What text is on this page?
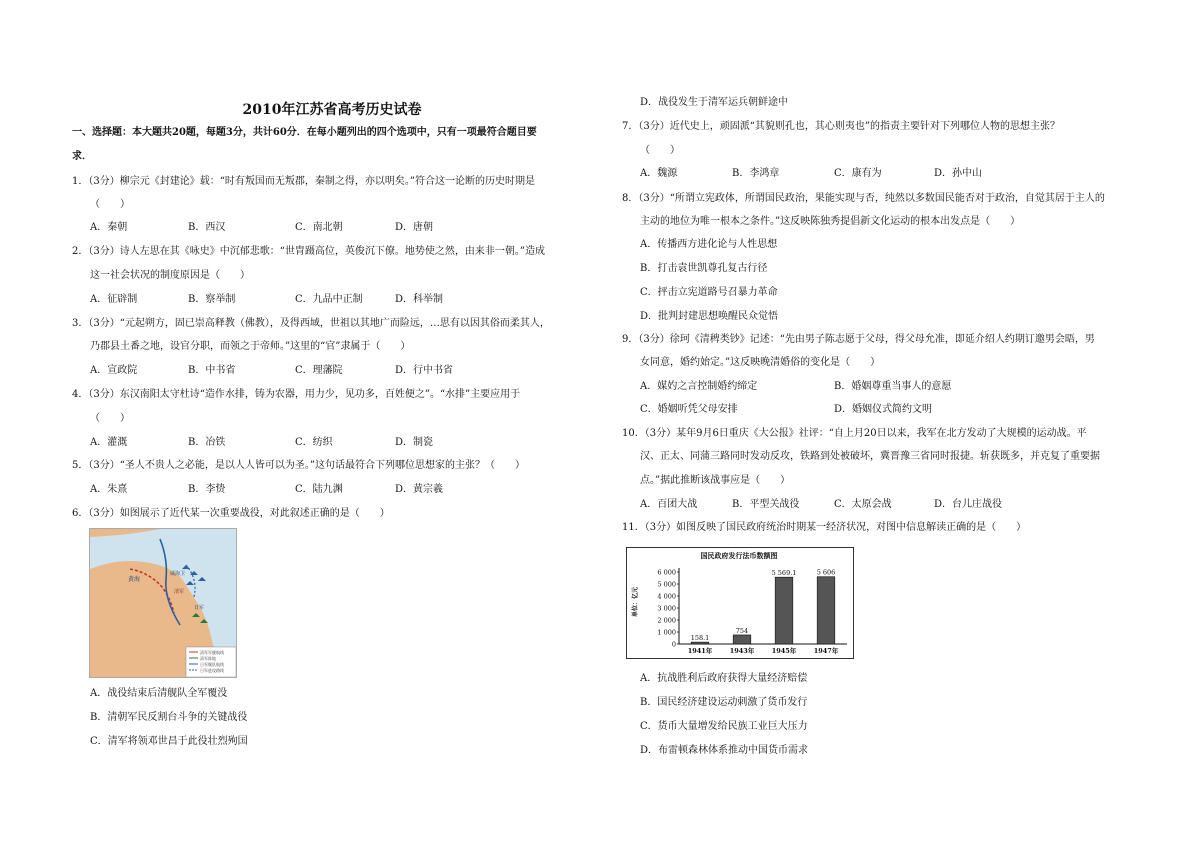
2010年江苏省高考历史试卷
一、选择题：本大题共20题，每题3分，共计60分．在每小题列出的四个选项中，只有一项最符合题目要
求．
1．（3分）柳宗元《封建论》载：“时有叛国而无叛郡，秦制之得，亦以明矣。”符合这一论断的历史时期是
（　　）
A．秦朝	B．西汉	C．南北朝	D．唐朝
2．（3分）诗人左思在其《咏史》中沉郁悲歌：“世胄蹑高位，英俊沉下僚。地势使之然，由来非一朝。”造成
这一社会状况的制度原因是（　　）
A．征辟制	B．察举制	C．九品中正制	D．科举制
3．（3分）“元起朔方，固已崇高释教（佛教），及得西域，世祖以其地广而险远，…思有以因其俗而柔其人，
乃郡县土番之地，设官分职，而领之于帝师。”这里的“官”隶属于（　　）
A．宣政院	B．中书省	C．理藩院	D．行中书省
4．（3分）东汉南阳太守杜诗“造作水排，铸为农器，用力少，见功多，百姓便之”。“水排”主要应用于
（　　）
A．灌溉	B．冶铁	C．纺织	D．制瓷
5．（3分）“圣人不贵人之必能，是以人人皆可以为圣。”这句话最符合下列哪位思想家的主张？（　　）
A．朱熹	B．李贽	C．陆九渊	D．黄宗羲
6．（3分）如图展示了近代某一次重要战役，对此叙述正确的是（　　）
黄海
威海卫
清军
日军
清军军舰航线
清军阵地
日军舰队航线
日军进攻路线
A．战役结束后清舰队全军覆没
B．清朝军民反割台斗争的关键战役
C．清军将领邓世昌于此役壮烈殉国
D．战役发生于清军运兵朝鲜途中
7．（3分）近代史上，顽固派“其貌则孔也，其心则夷也”的指责主要针对下列哪位人物的思想主张？
（　　）
A．魏源	B．李鸿章	C．康有为	D．孙中山
8．（3分）“所谓立宪政体，所谓国民政治，果能实现与否，纯然以多数国民能否对于政治，自觉其居于主人的
主动的地位为唯一根本之条件。”这反映陈独秀提倡新文化运动的根本出发点是（　　）
A．传播西方进化论与人性思想
B．打击袁世凯尊孔复古行径
C．抨击立宪道路号召暴力革命
D．批判封建思想唤醒民众觉悟
9．（3分）徐珂《清稗类钞》记述：“先由男子陈志愿于父母，得父母允准，即延介绍人约期订邀男会晤，男
女同意，婚约始定。”这反映晚清婚俗的变化是（　　）
A．媒妁之言控制婚约缔定	B．婚姻尊重当事人的意愿
C．婚姻听凭父母安排	D．婚姻仪式简约文明
10．（3分）某年9月6日重庆《大公报》社评：“自上月20日以来，我军在北方发动了大规模的运动战。平
汉、正太、同蒲三路同时发动反攻，铁路到处被破坏，冀晋豫三省同时报捷。斩获既多，并克复了重要据
点。”据此推断该战事应是（　　）
A．百团大战	B．平型关战役	C．太原会战	D．台儿庄战役
11．（3分）如图反映了国民政府统治时期某一经济状况，对图中信息解读正确的是（　　）
国民政府发行法币数额图
单位：亿元
0
1 000
2 000
3 000
4 000
5 000
6 000
158.1
1941年
754
1943年
5 569.1
1945年
5 606
1947年
A．抗战胜利后政府获得大量经济赔偿
B．国民经济建设运动刺激了货币发行
C．货币大量增发给民族工业巨大压力
D．布雷顿森林体系推动中国货币需求
